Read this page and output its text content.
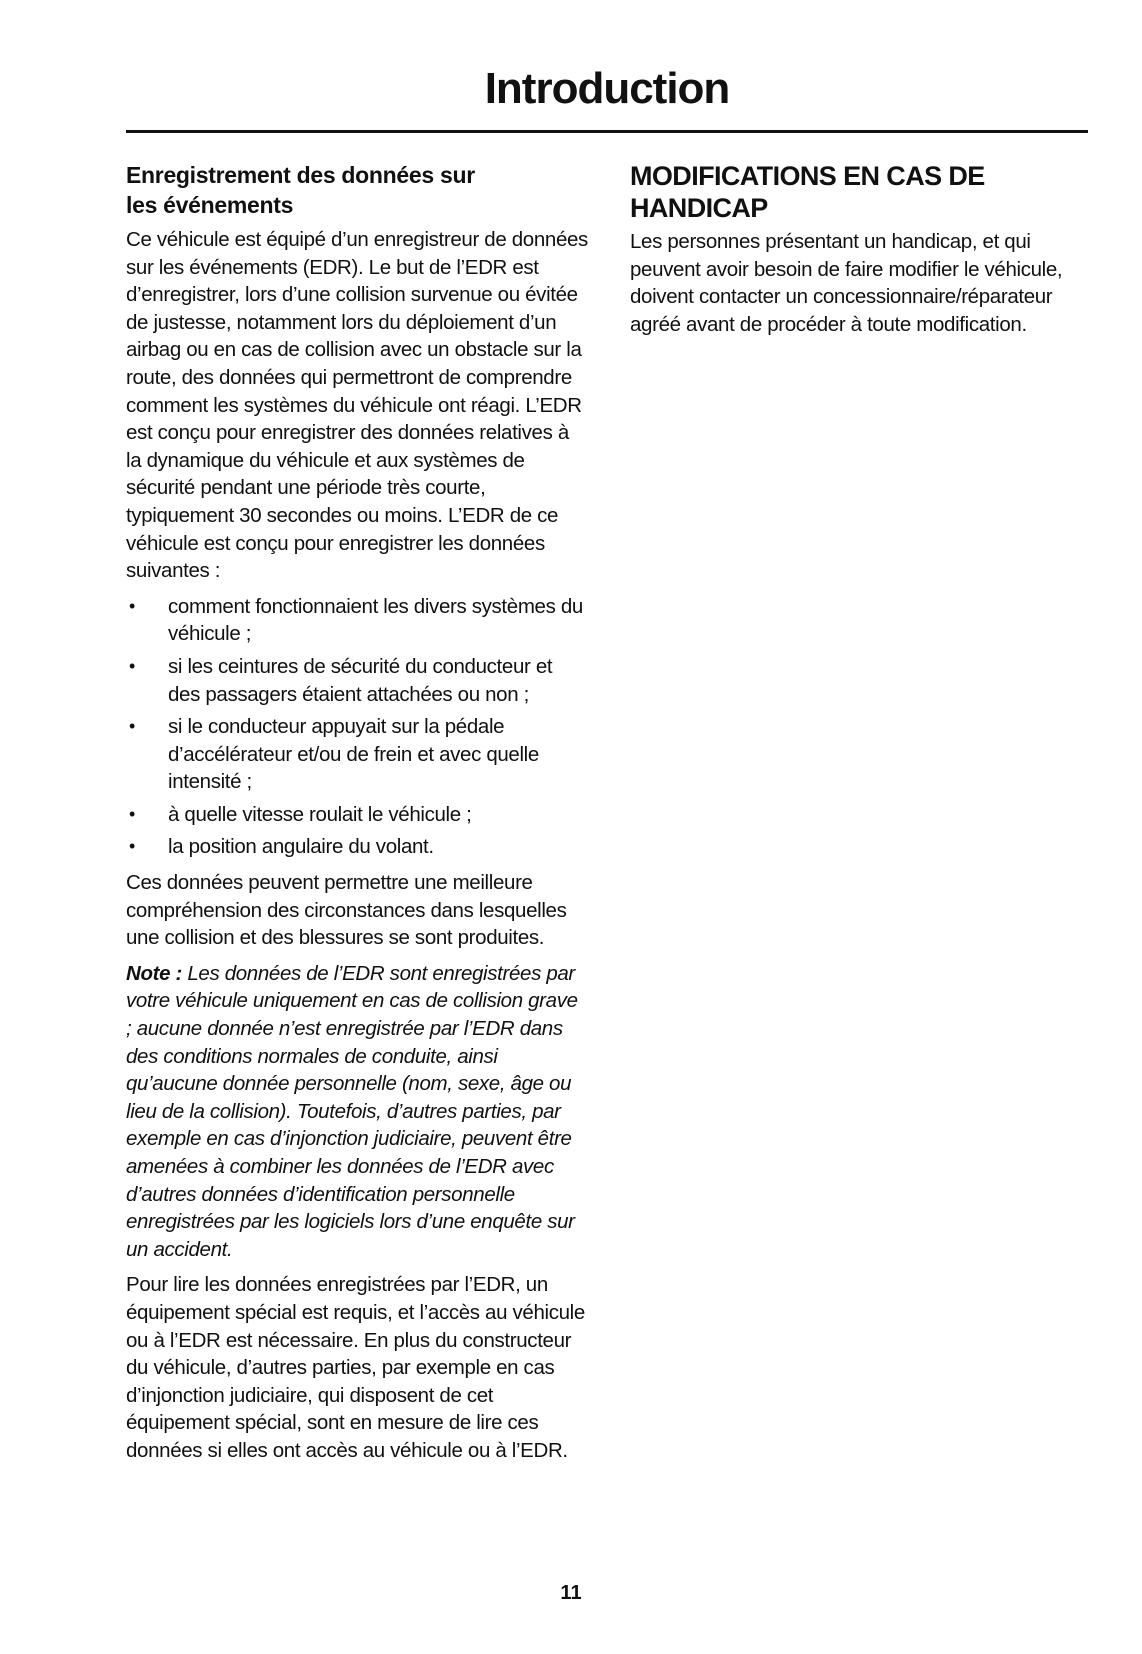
Introduction
Enregistrement des données sur
les événements

Ce véhicule est équipé d’un enregistreur de données sur les événements (EDR). Le but de l’EDR est d’enregistrer, lors d’une collision survenue ou évitée de justesse, notamment lors du déploiement d’un airbag ou en cas de collision avec un obstacle sur la route, des données qui permettront de comprendre comment les systèmes du véhicule ont réagi. L’EDR est conçu pour enregistrer des données relatives à la dynamique du véhicule et aux systèmes de sécurité pendant une période très courte, typiquement 30 secondes ou moins. L’EDR de ce véhicule est conçu pour enregistrer les données suivantes :

• comment fonctionnaient les divers systèmes du véhicule ;
• si les ceintures de sécurité du conducteur et des passagers étaient attachées ou non ;
• si le conducteur appuyait sur la pédale d’accélérateur et/ou de frein et avec quelle intensité ;
• à quelle vitesse roulait le véhicule ;
• la position angulaire du volant.

Ces données peuvent permettre une meilleure compréhension des circonstances dans lesquelles une collision et des blessures se sont produites.

Note : Les données de l’EDR sont enregistrées par votre véhicule uniquement en cas de collision grave ; aucune donnée n’est enregistrée par l’EDR dans des conditions normales de conduite, ainsi qu’aucune donnée personnelle (nom, sexe, âge ou lieu de la collision). Toutefois, d’autres parties, par exemple en cas d’injonction judiciaire, peuvent être amenées à combiner les données de l’EDR avec d’autres données d’identification personnelle enregistrées par les logiciels lors d’une enquête sur un accident.

Pour lire les données enregistrées par l’EDR, un équipement spécial est requis, et l’accès au véhicule ou à l’EDR est nécessaire. En plus du constructeur du véhicule, d’autres parties, par exemple en cas d’injonction judiciaire, qui disposent de cet équipement spécial, sont en mesure de lire ces données si elles ont accès au véhicule ou à l’EDR.

MODIFICATIONS EN CAS DE HANDICAP

Les personnes présentant un handicap, et qui peuvent avoir besoin de faire modifier le véhicule, doivent contacter un concessionnaire/réparateur agréé avant de procéder à toute modification.

11
